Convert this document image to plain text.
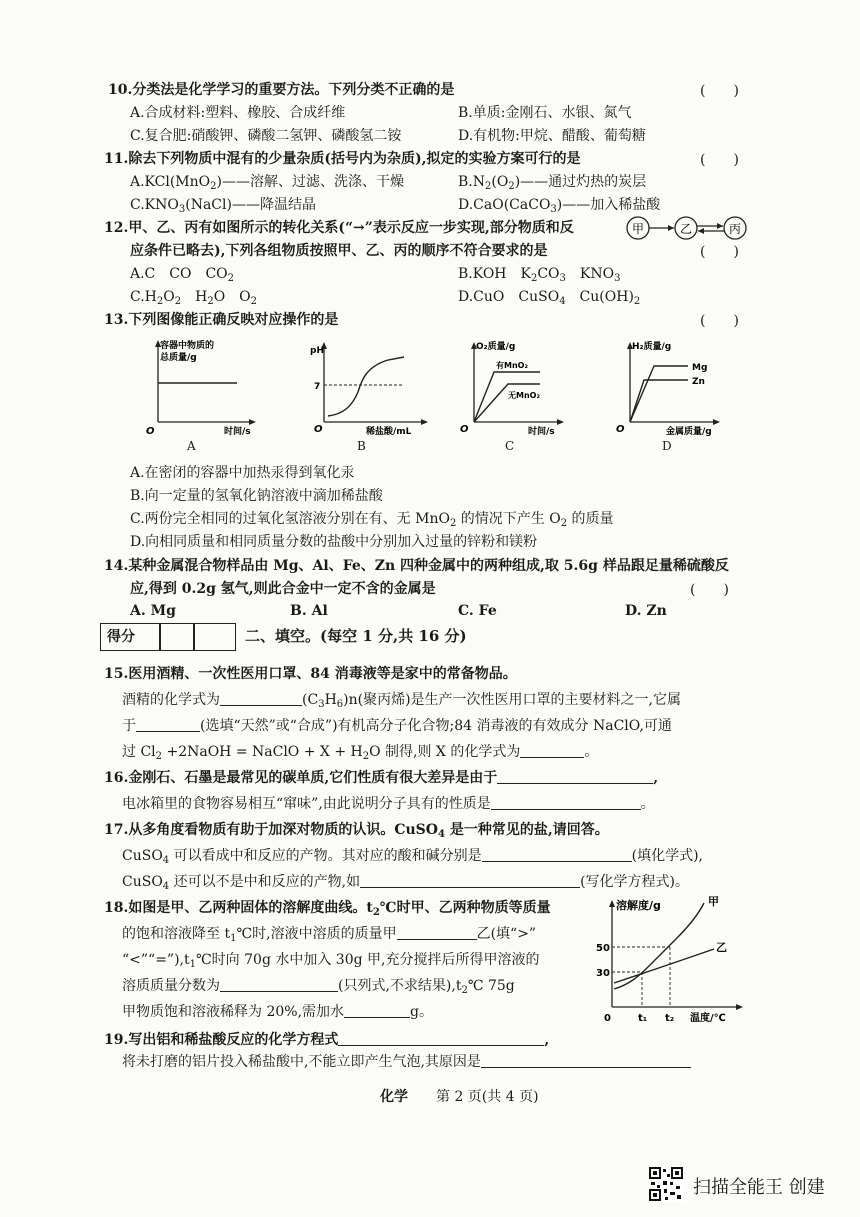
10.分类法是化学学习的重要方法。下列分类不正确的是	(　　)
A.合成材料:塑料、橡胶、合成纤维	B.单质:金刚石、水银、氮气
C.复合肥:硝酸钾、磷酸二氢钾、磷酸氢二铵	D.有机物:甲烷、醋酸、葡萄糖
11.除去下列物质中混有的少量杂质(括号内为杂质),拟定的实验方案可行的是	(　　)
A.KCl(MnO$_2$)——溶解、过滤、洗涤、干燥	$B.N_2(O_2)——$通过灼热的炭层
$C.KNO_3(NaCl)——$降温结晶	D.CaO(CaCO$_3$)——加入稀盐酸
12.甲、乙、丙有如图所示的转化关系(“→”表示反应一步实现,部分物质和反
应条件已略去),下列各组物质按照甲、乙、丙的顺序不符合要求的是	(　　)
甲	乙	丙
A.C　CO　$CO_2$	B.KOH　$K_2CO_3$　$KNO_3$
$C.H_2O_2$　$H_2O$　$O_2$	D.CuO　CuSO$_4$　$Cu(OH)_2$
13.下列图像能正确反映对应操作的是	(　　)
容器中物质的
总质量/g
时间/s
O
A
pH
7
稀盐酸/mL
O
B
O₂质量/g
有MnO₂
无MnO₂
时间/s
O
C
H₂质量/g
Mg
Zn
金属质量/g
O
D
A.在密闭的容器中加热汞得到氧化汞
B.向一定量的氢氧化钠溶液中滴加稀盐酸
C.两份完全相同的过氧化氢溶液分别在有、无 MnO$_2$ 的情况下产生 $O_2$ 的质量
D.向相同质量和相同质量分数的盐酸中分别加入过量的锌粉和镁粉
14.某种金属混合物样品由 Mg、Al、Fe、Zn 四种金属中的两种组成,取 5.6g 样品跟足量稀硫酸反
应,得到 0.2g 氢气,则此合金中一定不含的金属是	(　　)
A. Mg	B. Al	C. Fe	D. Zn
得分	二、填空。(每空 1 分,共 16 分)
15.医用酒精、一次性医用口罩、84 消毒液等是家中的常备物品。
酒精的化学式为	$(C_3H_6)n$(聚丙烯)是生产一次性医用口罩的主要材料之一,它属
于	(选填“天然”或“合成”)有机高分子化合物;84 消毒液的有效成分 NaClO,可通
过 $Cl_2$ +2NaOH = NaClO + $X + H_2O$ 制得,则 X 的化学式为	。
16.金刚石、石墨是最常见的碳单质,它们性质有很大差异是由于	,
电冰箱里的食物容易相互“窜味”,由此说明分子具有的性质是	。
17.从多角度看物质有助于加深对物质的认识。CuSO$_4$ 是一种常见的盐,请回答。
CuSO$_4$ 可以看成中和反应的产物。其对应的酸和碱分别是	(填化学式),
CuSO$_4$ 还可以不是中和反应的产物,如	(写化学方程式)。
18.如图是甲、乙两种固体的溶解度曲线。$t_2℃$时甲、乙两种物质等质量
的饱和溶液降至 $t_1℃$时,溶液中溶质的质量甲	乙(填“>”
“$<”“=”),t_1℃$时向 70g 水中加入 30g 甲,充分搅拌后所得甲溶液的
溶质质量分数为	(只列式,不求结果)$,t_2℃$ 75g
甲物质饱和溶液稀释为 20%,需加水	g。
溶解度/g	甲
乙
50
30
0	t₁ t₂ 温度/℃
19.写出铝和稀盐酸反应的化学方程式	,
将未打磨的铝片投入稀盐酸中,不能立即产生气泡,其原因是
化学　　 第 2 页(共 4 页)
扫描全能王 创建
